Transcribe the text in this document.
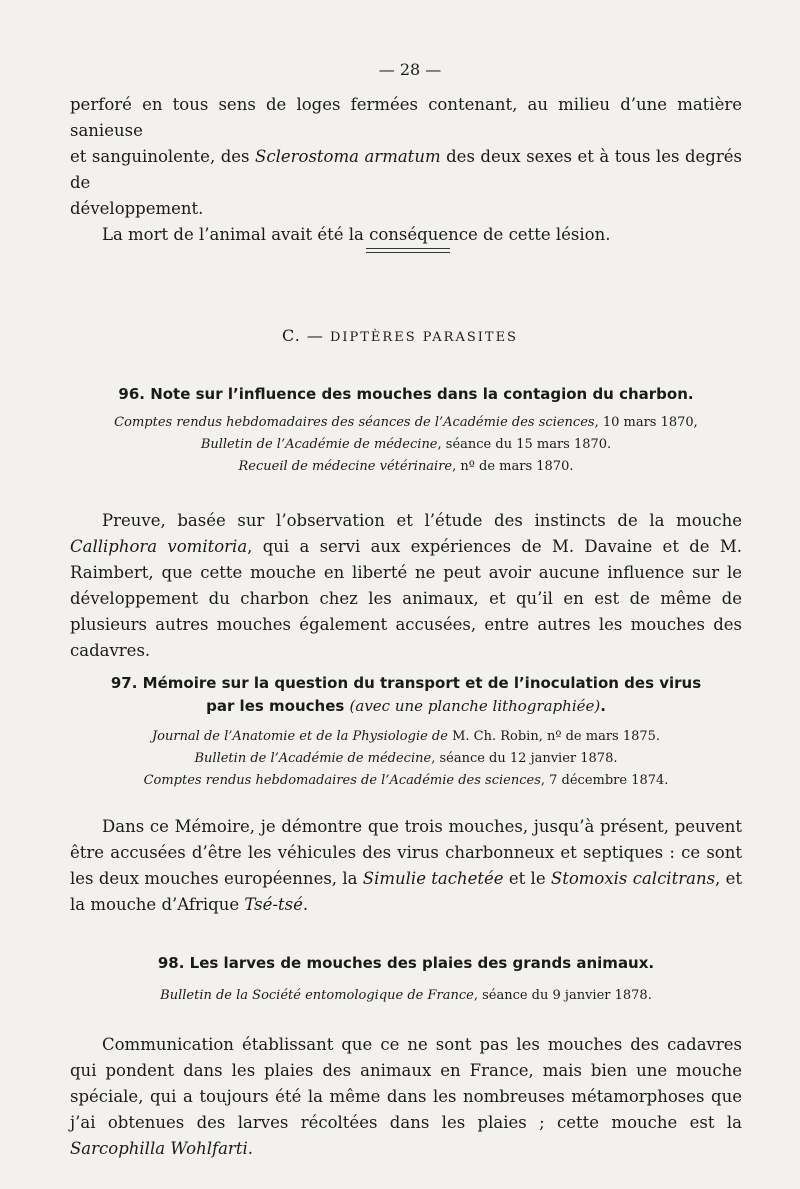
— 28 —

perforé en tous sens de loges fermées contenant, au milieu d’une matière sanieuse
et sanguinolente, des Sclerostoma armatum des deux sexes et à tous les degrés de
développement.

La mort de l’animal avait été la conséquence de cette lésion.

C. — DIPTÈRES PARASITES

96. Note sur l’influence des mouches dans la contagion du charbon.

Comptes rendus hebdomadaires des séances de l’Académie des sciences, 10 mars 1870,

Bulletin de l’Académie de médecine, séance du 15 mars 1870.

Recueil de médecine vétérinaire, nº de mars 1870.

Preuve, basée sur l’observation et l’étude des instincts de la mouche Calliphora vomitoria, qui a servi aux expériences de M. Davaine et de M. Raimbert, que cette mouche en liberté ne peut avoir aucune influence sur le développement du charbon chez les animaux, et qu’il en est de même de plusieurs autres mouches également accusées, entre autres les mouches des cadavres.

97. Mémoire sur la question du transport et de l’inoculation des virus
par les mouches (avec une planche lithographiée).

Journal de l’Anatomie et de la Physiologie de M. Ch. Robin, nº de mars 1875.

Bulletin de l’Académie de médecine, séance du 12 janvier 1878.

Comptes rendus hebdomadaires de l’Académie des sciences, 7 décembre 1874.

Dans ce Mémoire, je démontre que trois mouches, jusqu’à présent, peuvent être accusées d’être les véhicules des virus charbonneux et septiques : ce sont les deux mouches européennes, la Simulie tachetée et le Stomoxis calcitrans, et la mouche d’Afrique Tsé-tsé.

98. Les larves de mouches des plaies des grands animaux.

Bulletin de la Société entomologique de France, séance du 9 janvier 1878.

Communication établissant que ce ne sont pas les mouches des cadavres qui pondent dans les plaies des animaux en France, mais bien une mouche spéciale, qui a toujours été la même dans les nombreuses métamorphoses que j’ai obtenues des larves récoltées dans les plaies ; cette mouche est la Sarcophilla Wohlfarti.
